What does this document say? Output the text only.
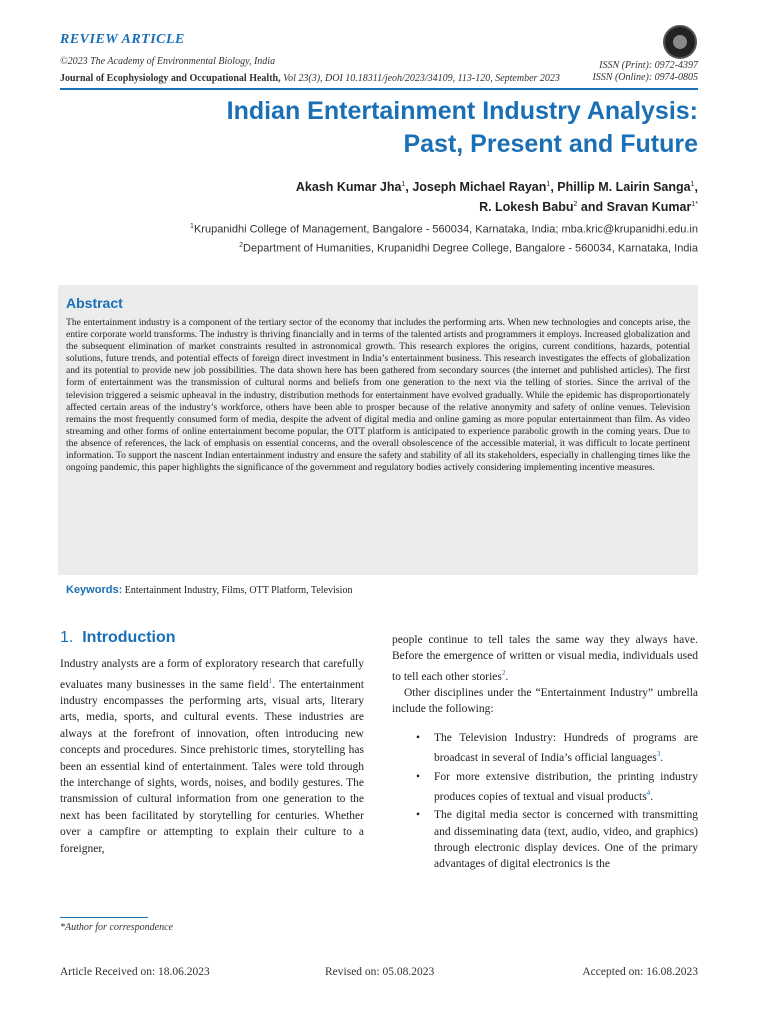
REVIEW ARTICLE
©2023 The Academy of Environmental Biology, India
Journal of Ecophysiology and Occupational Health, Vol 23(3), DOI 10.18311/jeoh/2023/34109, 113-120, September 2023
ISSN (Print): 0972-4397
ISSN (Online): 0974-0805
Indian Entertainment Industry Analysis:
Past, Present and Future
Akash Kumar Jha$^1$, Joseph Michael Rayan$^1$, Phillip M. Lairin Sanga$^1$,
R. Lokesh Babu$^2$ and Sravan Kumar$^{1*}$
$^1$Krupanidhi College of Management, Bangalore - 560034, Karnataka, India; mba.kric@krupanidhi.edu.in
$^2$Department of Humanities, Krupanidhi Degree College, Bangalore - 560034, Karnataka, India
Abstract
The entertainment industry is a component of the tertiary sector of the economy that includes the performing arts. When new technologies and concepts arise, the entire corporate world transforms. The industry is thriving financially and in terms of the talented artists and programmers it employs. Increased globalization and the subsequent elimination of market constraints resulted in astronomical growth. This research explores the origins, current conditions, hazards, potential solutions, future trends, and potential effects of foreign direct investment in India’s entertainment business. This research investigates the effects of globalization and its potential to provide new job possibilities. The data shown here has been gathered from secondary sources (the internet and published articles). The first form of entertainment was the transmission of cultural norms and beliefs from one generation to the next via the telling of stories. Since the arrival of the television triggered a seismic upheaval in the industry, distribution methods for entertainment have evolved gradually. While the epidemic has disproportionately affected certain areas of the industry’s workforce, others have been able to prosper because of the relative anonymity and safety of online venues. Television remains the most frequently consumed form of media, despite the advent of digital media and online gaming as more popular entertainment than film. As video streaming and other forms of online entertainment become popular, the OTT platform is anticipated to experience parabolic growth in the coming years. Due to the absence of references, the lack of emphasis on essential concerns, and the overall obsolescence of the accessible material, it was difficult to locate pertinent information. To support the nascent Indian entertainment industry and ensure the safety and stability of all its stakeholders, especially in challenging times like the ongoing pandemic, this paper highlights the significance of the government and regulatory bodies actively considering implementing incentive measures.
Keywords: Entertainment Industry, Films, OTT Platform, Television
1. Introduction
Industry analysts are a form of exploratory research that carefully evaluates many businesses in the same field$^1$. The entertainment industry encompasses the performing arts, visual arts, literary arts, media, sports, and cultural events. These industries are always at the forefront of innovation, often introducing new concepts and procedures. Since prehistoric times, storytelling has been an essential kind of entertainment. Tales were told through the interchange of sights, words, noises, and bodily gestures. The transmission of cultural information from one generation to the next has been facilitated by storytelling for centuries. Whether over a campfire or attempting to explain their culture to a foreigner,
people continue to tell tales the same way they always have. Before the emergence of written or visual media, individuals used to tell each other stories$^2$.
Other disciplines under the “Entertainment Industry” umbrella include the following:
• The Television Industry: Hundreds of programs are broadcast in several of India’s official languages$^3$.
• For more extensive distribution, the printing industry produces copies of textual and visual products$^4$.
• The digital media sector is concerned with transmitting and disseminating data (text, audio, video, and graphics) through electronic display devices. One of the primary advantages of digital electronics is the
*Author for correspondence
Article Received on: 18.06.2023	Revised on: 05.08.2023	Accepted on: 16.08.2023
